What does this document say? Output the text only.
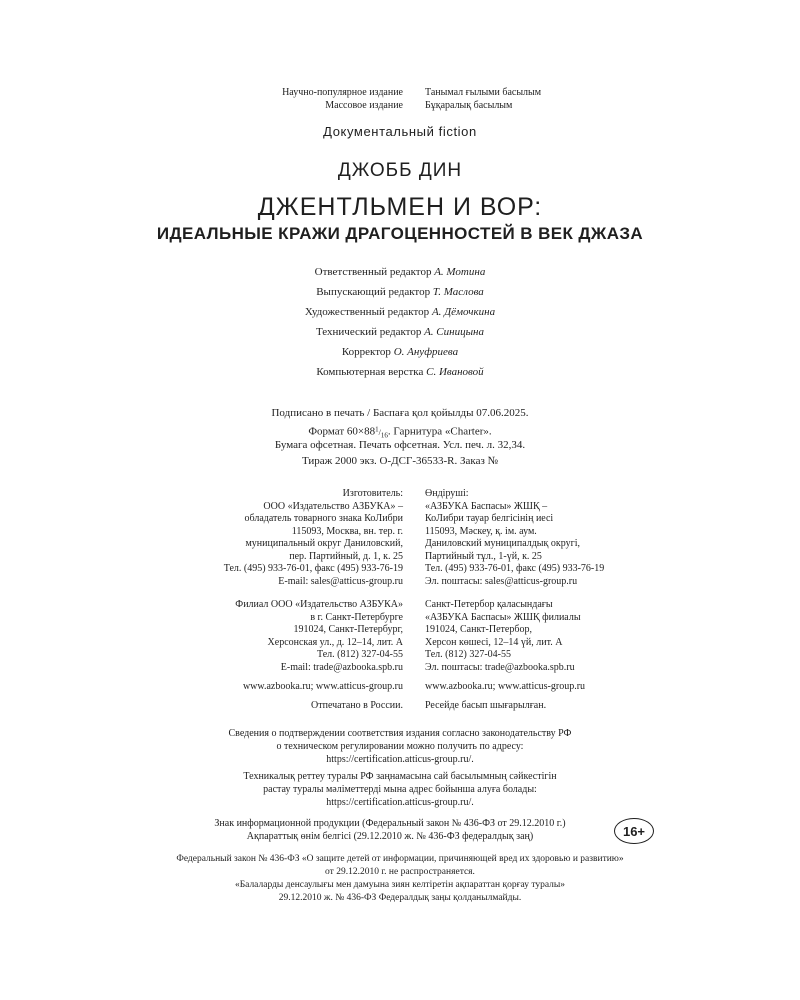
Научно-популярное издание
Массовое издание
Танымал ғылыми басылым
Бұқаралық басылым
Документальный fiction
ДЖОББ ДИН
ДЖЕНТЛЬМЕН И ВОР:
ИДЕАЛЬНЫЕ КРАЖИ ДРАГОЦЕННОСТЕЙ В ВЕК ДЖАЗА
Ответственный редактор А. Мотина
Выпускающий редактор Т. Маслова
Художественный редактор А. Дёмочкина
Технический редактор А. Синицына
Корректор О. Ануфриева
Компьютерная верстка С. Ивановой
Подписано в печать / Баспаға қол қойылды 07.06.2025.
Формат 60×881/16. Гарнитура «Charter».
Бумага офсетная. Печать офсетная. Усл. печ. л. 32,34.
Тираж 2000 экз. О-ДСГ-36533-R. Заказ №
Изготовитель:
ООО «Издательство АЗБУКА» –
обладатель товарного знака КоЛибри
115093, Москва, вн. тер. г.
муниципальный округ Даниловский,
пер. Партийный, д. 1, к. 25
Тел. (495) 933-76-01, факс (495) 933-76-19
E-mail: sales@atticus-group.ru
Өндіруші:
«АЗБУКА Баспасы» ЖШҚ –
КоЛибри тауар белгісінің иесі
115093, Мәскеу, қ. ім. аум.
Даниловский муниципалдық округі,
Партийный тұл., 1-үй, к. 25
Тел. (495) 933-76-01, факс (495) 933-76-19
Эл. поштасы: sales@atticus-group.ru
Филиал ООО «Издательство АЗБУКА»
в г. Санкт-Петербурге
191024, Санкт-Петербург,
Херсонская ул., д. 12–14, лит. А
Тел. (812) 327-04-55
E-mail: trade@azbooka.spb.ru
Санкт-Петербор қаласындағы
«АЗБУКА Баспасы» ЖШҚ филиалы
191024, Санкт-Петербор,
Херсон көшесі, 12–14 үй, лит. А
Тел. (812) 327-04-55
Эл. поштасы: trade@azbooka.spb.ru
www.azbooka.ru; www.atticus-group.ru www.azbooka.ru; www.atticus-group.ru
Отпечатано в России. Ресейде басып шығарылған.
Сведения о подтверждении соответствия издания согласно законодательству РФ
о техническом регулировании можно получить по адресу:
https://certification.atticus-group.ru/.
Техникалық реттеу туралы РФ заңнамасына сай басылымның сәйкестігін
растау туралы мәліметтерді мына адрес бойынша алуға болады:
https://certification.atticus-group.ru/.
Знак информационной продукции (Федеральный закон № 436-ФЗ от 29.12.2010 г.)
Ақпараттық өнім белгісі (29.12.2010 ж. № 436-ФЗ федералдық заң)	16+
Федеральный закон № 436-ФЗ «О защите детей от информации, причиняющей вред их здоровью и развитию»
от 29.12.2010 г. не распространяется.
«Балаларды денсаулығы мен дамуына зиян келтіретін ақпараттан қорғау туралы»
29.12.2010 ж. № 436-ФЗ Федералдық заңы қолданылмайды.
